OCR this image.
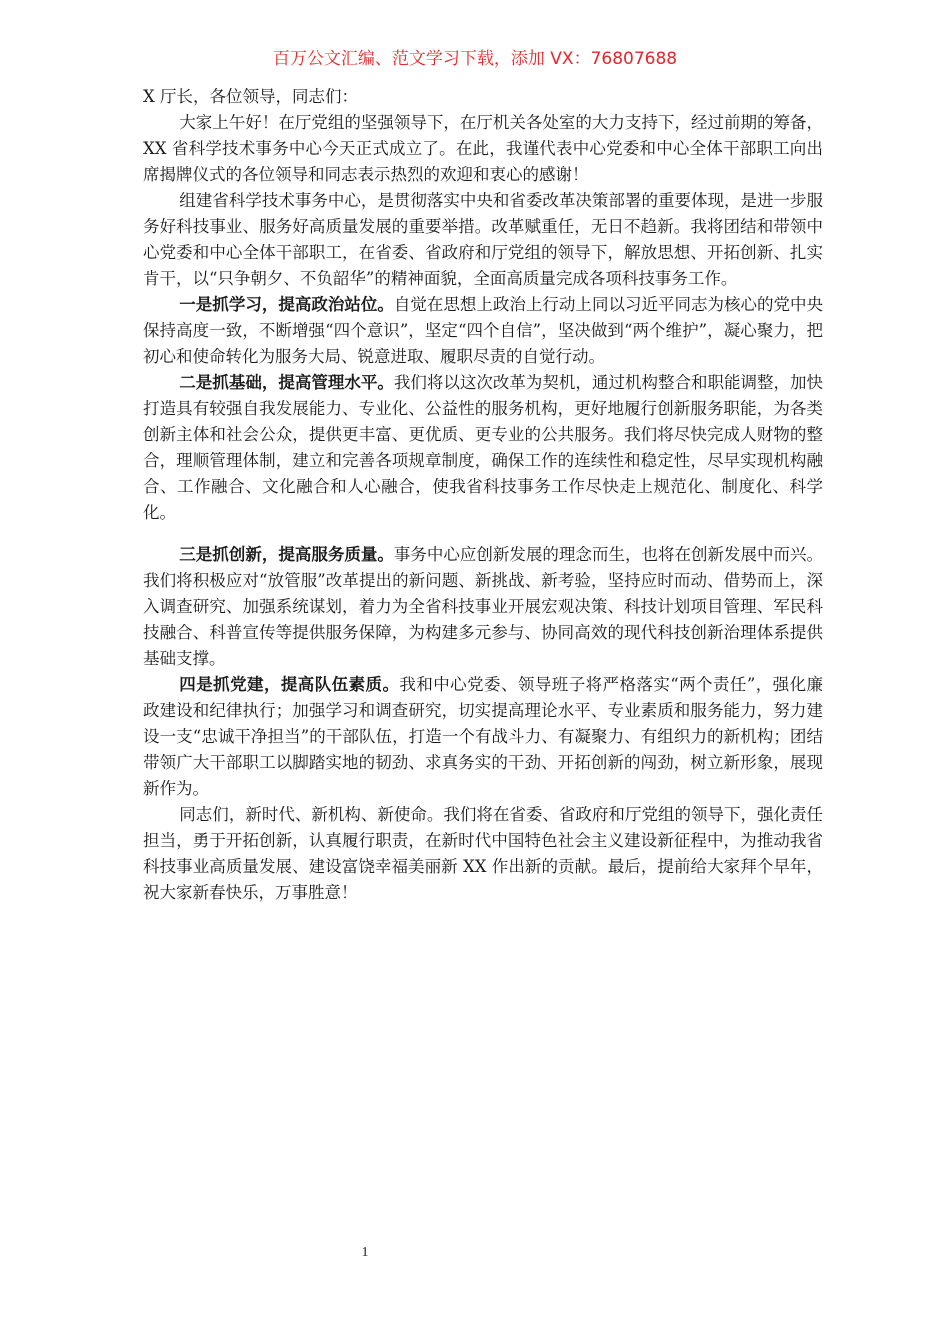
百万公文汇编、范文学习下载，添加 VX：76807688

X 厅长，各位领导，同志们：

大家上午好！在厅党组的坚强领导下，在厅机关各处室的大力支持下，经过前期的筹备，XX 省科学技术事务中心今天正式成立了。在此，我谨代表中心党委和中心全体干部职工向出席揭牌仪式的各位领导和同志表示热烈的欢迎和衷心的感谢！

组建省科学技术事务中心，是贯彻落实中央和省委改革决策部署的重要体现，是进一步服务好科技事业、服务好高质量发展的重要举措。改革赋重任，无日不趋新。我将团结和带领中心党委和中心全体干部职工，在省委、省政府和厅党组的领导下，解放思想、开拓创新、扎实肯干，以“只争朝夕、不负韶华”的精神面貌，全面高质量完成各项科技事务工作。

一是抓学习，提高政治站位。自觉在思想上政治上行动上同以习近平同志为核心的党中央保持高度一致，不断增强“四个意识”，坚定“四个自信”，坚决做到“两个维护”，凝心聚力，把初心和使命转化为服务大局、锐意进取、履职尽责的自觉行动。

二是抓基础，提高管理水平。我们将以这次改革为契机，通过机构整合和职能调整，加快打造具有较强自我发展能力、专业化、公益性的服务机构，更好地履行创新服务职能，为各类创新主体和社会公众，提供更丰富、更优质、更专业的公共服务。我们将尽快完成人财物的整合，理顺管理体制，建立和完善各项规章制度，确保工作的连续性和稳定性，尽早实现机构融合、工作融合、文化融合和人心融合，使我省科技事务工作尽快走上规范化、制度化、科学化。

三是抓创新，提高服务质量。事务中心应创新发展的理念而生，也将在创新发展中而兴。我们将积极应对“放管服”改革提出的新问题、新挑战、新考验，坚持应时而动、借势而上，深入调查研究、加强系统谋划，着力为全省科技事业开展宏观决策、科技计划项目管理、军民科技融合、科普宣传等提供服务保障，为构建多元参与、协同高效的现代科技创新治理体系提供基础支撑。

四是抓党建，提高队伍素质。我和中心党委、领导班子将严格落实“两个责任”，强化廉政建设和纪律执行；加强学习和调查研究，切实提高理论水平、专业素质和服务能力，努力建设一支“忠诚干净担当”的干部队伍，打造一个有战斗力、有凝聚力、有组织力的新机构；团结带领广大干部职工以脚踏实地的韧劲、求真务实的干劲、开拓创新的闯劲，树立新形象，展现新作为。

同志们，新时代、新机构、新使命。我们将在省委、省政府和厅党组的领导下，强化责任担当，勇于开拓创新，认真履行职责，在新时代中国特色社会主义建设新征程中，为推动我省科技事业高质量发展、建设富饶幸福美丽新 XX 作出新的贡献。最后，提前给大家拜个早年，祝大家新春快乐，万事胜意！

1
